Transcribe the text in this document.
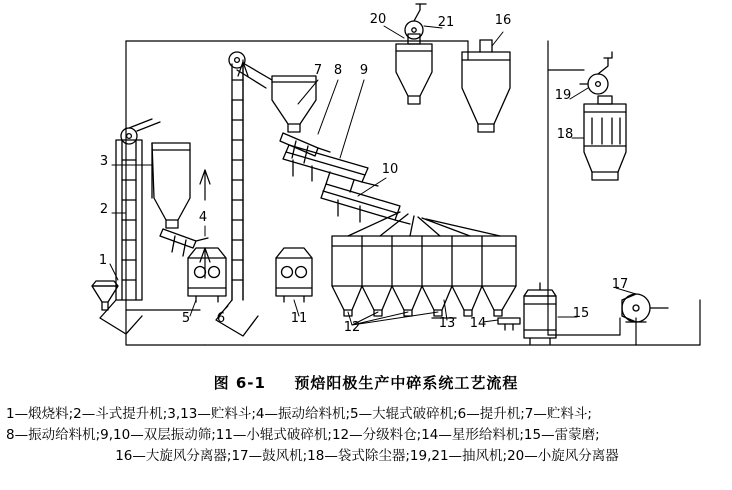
1
2
3
4
5 6
7 8 9
10
11
12	13 14
15
16
17
18
19
20	21
图 6-1 预焙阳极生产中碎系统工艺流程
1—煅烧料;2—斗式提升机;3,13—贮料斗;4—振动给料机;5—大辊式破碎机;6—提升机;7—贮料斗;
8—振动给料机;9,10—双层振动筛;11—小辊式破碎机;12—分级料仓;14—星形给料机;15—雷蒙磨;
16—大旋风分离器;17—鼓风机;18—袋式除尘器;19,21—抽风机;20—小旋风分离器
